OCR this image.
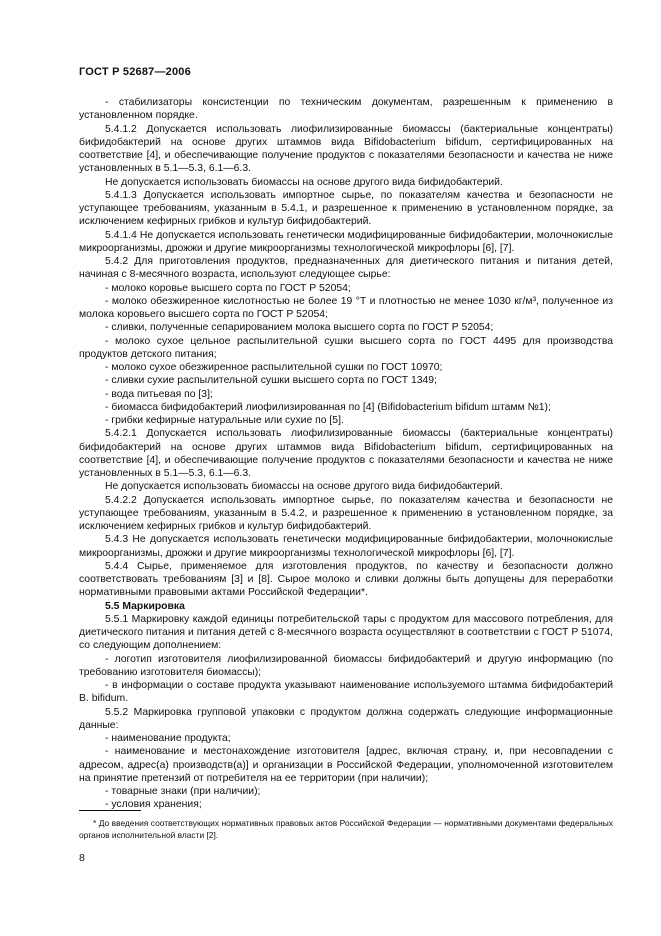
ГОСТ Р 52687—2006

- стабилизаторы консистенции по техническим документам, разрешенным к применению в установленном порядке.

5.4.1.2 Допускается использовать лиофилизированные биомассы (бактериальные концентраты) бифидобактерий на основе других штаммов вида Bifidobacterium bifidum, сертифицированных на соответствие [4], и обеспечивающие получение продуктов с показателями безопасности и качества не ниже установленных в 5.1—5.3, 6.1—6.3.

Не допускается использовать биомассы на основе другого вида бифидобактерий.

5.4.1.3 Допускается использовать импортное сырье, по показателям качества и безопасности не уступающее требованиям, указанным в 5.4.1, и разрешенное к применению в установленном порядке, за исключением кефирных грибков и культур бифидобактерий.

5.4.1.4 Не допускается использовать генетически модифицированные бифидобактерии, молочнокислые микроорганизмы, дрожжи и другие микроорганизмы технологической микрофлоры [6], [7].

5.4.2 Для приготовления продуктов, предназначенных для диетического питания и питания детей, начиная с 8-месячного возраста, используют следующее сырье:

- молоко коровье высшего сорта по ГОСТ Р 52054;

- молоко обезжиренное кислотностью не более 19 °Т и плотностью не менее 1030 кг/м³, полученное из молока коровьего высшего сорта по ГОСТ Р 52054;

- сливки, полученные сепарированием молока высшего сорта по ГОСТ Р 52054;

- молоко сухое цельное распылительной сушки высшего сорта по ГОСТ 4495 для производства продуктов детского питания;

- молоко сухое обезжиренное распылительной сушки по ГОСТ 10970;

- сливки сухие распылительной сушки высшего сорта по ГОСТ 1349;

- вода питьевая по [3];

- биомасса бифидобактерий лиофилизированная по [4] (Bifidobacterium bifidum штамм №1);

- грибки кефирные натуральные или сухие по [5].

5.4.2.1 Допускается использовать лиофилизированные биомассы (бактериальные концентраты) бифидобактерий на основе других штаммов вида Bifidobacterium bifidum, сертифицированных на соответствие [4], и обеспечивающие получение продуктов с показателями безопасности и качества не ниже установленных в 5.1—5.3, 6.1—6.3.

Не допускается использовать биомассы на основе другого вида бифидобактерий.

5.4.2.2 Допускается использовать импортное сырье, по показателям качества и безопасности не уступающее требованиям, указанным в 5.4.2, и разрешенное к применению в установленном порядке, за исключением кефирных грибков и культур бифидобактерий.

5.4.3 Не допускается использовать генетически модифицированные бифидобактерии, молочнокислые микроорганизмы, дрожжи и другие микроорганизмы технологической микрофлоры [6], [7].

5.4.4 Сырье, применяемое для изготовления продуктов, по качеству и безопасности должно соответствовать требованиям [3] и [8]. Сырое молоко и сливки должны быть допущены для переработки нормативными правовыми актами Российской Федерации*.

5.5 Маркировка

5.5.1 Маркировку каждой единицы потребительской тары с продуктом для массового потребления, для диетического питания и питания детей с 8-месячного возраста осуществляют в соответствии с ГОСТ Р 51074, со следующим дополнением:

- логотип изготовителя лиофилизированной биомассы бифидобактерий и другую информацию (по требованию изготовителя биомассы);

- в информации о составе продукта указывают наименование используемого штамма бифидобактерий B. bifidum.

5.5.2 Маркировка групповой упаковки с продуктом должна содержать следующие информационные данные:

- наименование продукта;

- наименование и местонахождение изготовителя [адрес, включая страну, и, при несовпадении с адресом, адрес(а) производств(а)] и организации в Российской Федерации, уполномоченной изготовителем на принятие претензий от потребителя на ее территории (при наличии);

- товарные знаки (при наличии);

- условия хранения;

* До введения соответствующих нормативных правовых актов Российской Федерации — нормативными документами федеральных органов исполнительной власти [2].

8
